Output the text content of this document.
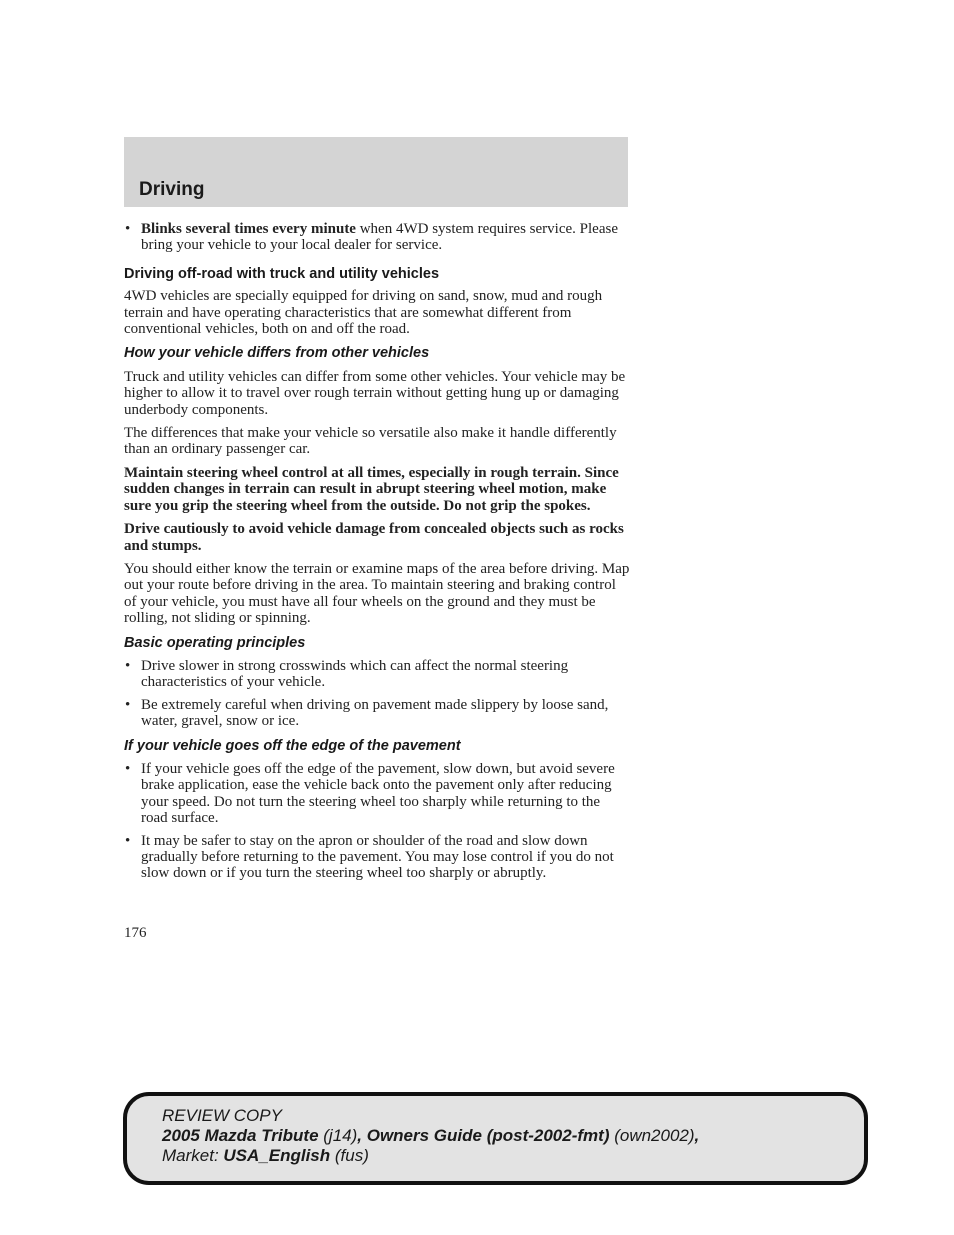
Driving
• Blinks several times every minute when 4WD system requires service. Please bring your vehicle to your local dealer for service.
Driving off-road with truck and utility vehicles

4WD vehicles are specially equipped for driving on sand, snow, mud and rough terrain and have operating characteristics that are somewhat different from conventional vehicles, both on and off the road.

How your vehicle differs from other vehicles

Truck and utility vehicles can differ from some other vehicles. Your vehicle may be higher to allow it to travel over rough terrain without getting hung up or damaging underbody components.

The differences that make your vehicle so versatile also make it handle differently than an ordinary passenger car.

Maintain steering wheel control at all times, especially in rough terrain. Since sudden changes in terrain can result in abrupt steering wheel motion, make sure you grip the steering wheel from the outside. Do not grip the spokes.

Drive cautiously to avoid vehicle damage from concealed objects such as rocks and stumps.

You should either know the terrain or examine maps of the area before driving. Map out your route before driving in the area. To maintain steering and braking control of your vehicle, you must have all four wheels on the ground and they must be rolling, not sliding or spinning.

Basic operating principles
• Drive slower in strong crosswinds which can affect the normal steering characteristics of your vehicle.
• Be extremely careful when driving on pavement made slippery by loose sand, water, gravel, snow or ice.
If your vehicle goes off the edge of the pavement
• If your vehicle goes off the edge of the pavement, slow down, but avoid severe brake application, ease the vehicle back onto the pavement only after reducing your speed. Do not turn the steering wheel too sharply while returning to the road surface.
• It may be safer to stay on the apron or shoulder of the road and slow down gradually before returning to the pavement. You may lose control if you do not slow down or if you turn the steering wheel too sharply or abruptly.
176
REVIEW COPY
2005 Mazda Tribute (j14), Owners Guide (post-2002-fmt) (own2002),
Market: USA_English (fus)
